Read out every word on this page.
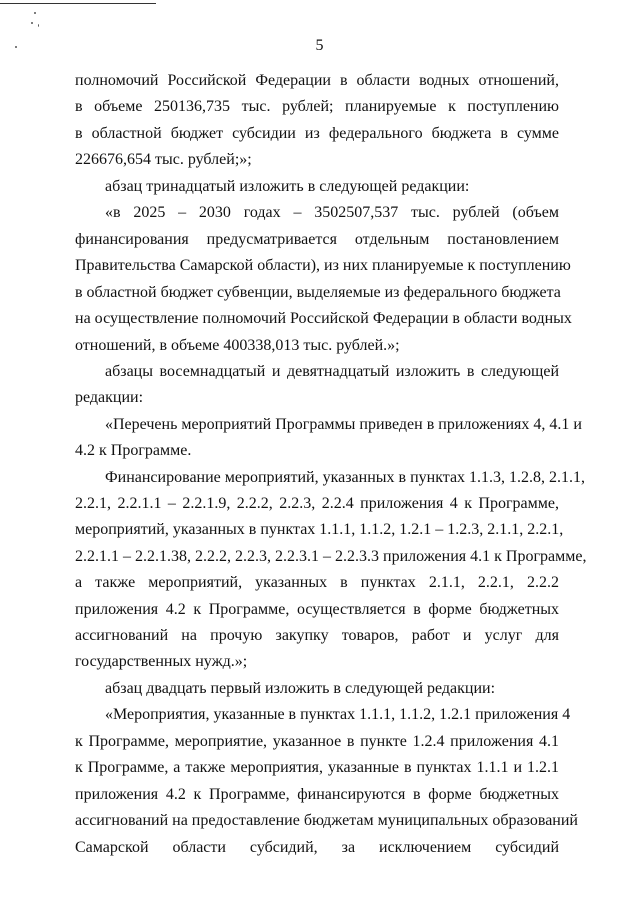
5
полномочий Российской Федерации в области водных отношений,
в объеме 250136,735 тыс. рублей; планируемые к поступлению
в областной бюджет субсидии из федерального бюджета в сумме
226676,654 тыс. рублей;»;
абзац тринадцатый изложить в следующей редакции:
«в 2025 – 2030 годах – 3502507,537 тыс. рублей (объем
финансирования предусматривается отдельным постановлением
Правительства Самарской области), из них планируемые к поступлению
в областной бюджет субвенции, выделяемые из федерального бюджета
на осуществление полномочий Российской Федерации в области водных
отношений, в объеме 400338,013 тыс. рублей.»;
абзацы восемнадцатый и девятнадцатый изложить в следующей
редакции:
«Перечень мероприятий Программы приведен в приложениях 4, 4.1 и
4.2 к Программе.
Финансирование мероприятий, указанных в пунктах 1.1.3, 1.2.8, 2.1.1,
2.2.1, 2.2.1.1 – 2.2.1.9, 2.2.2, 2.2.3, 2.2.4 приложения 4 к Программе,
мероприятий, указанных в пунктах 1.1.1, 1.1.2, 1.2.1 – 1.2.3, 2.1.1, 2.2.1,
2.2.1.1 – 2.2.1.38, 2.2.2, 2.2.3, 2.2.3.1 – 2.2.3.3 приложения 4.1 к Программе,
а также мероприятий, указанных в пунктах 2.1.1, 2.2.1, 2.2.2
приложения 4.2 к Программе, осуществляется в форме бюджетных
ассигнований на прочую закупку товаров, работ и услуг для
государственных нужд.»;
абзац двадцать первый изложить в следующей редакции:
«Мероприятия, указанные в пунктах 1.1.1, 1.1.2, 1.2.1 приложения 4
к Программе, мероприятие, указанное в пункте 1.2.4 приложения 4.1
к Программе, а также мероприятия, указанные в пунктах 1.1.1 и 1.2.1
приложения 4.2 к Программе, финансируются в форме бюджетных
ассигнований на предоставление бюджетам муниципальных образований
Самарской области субсидий, за исключением субсидий
